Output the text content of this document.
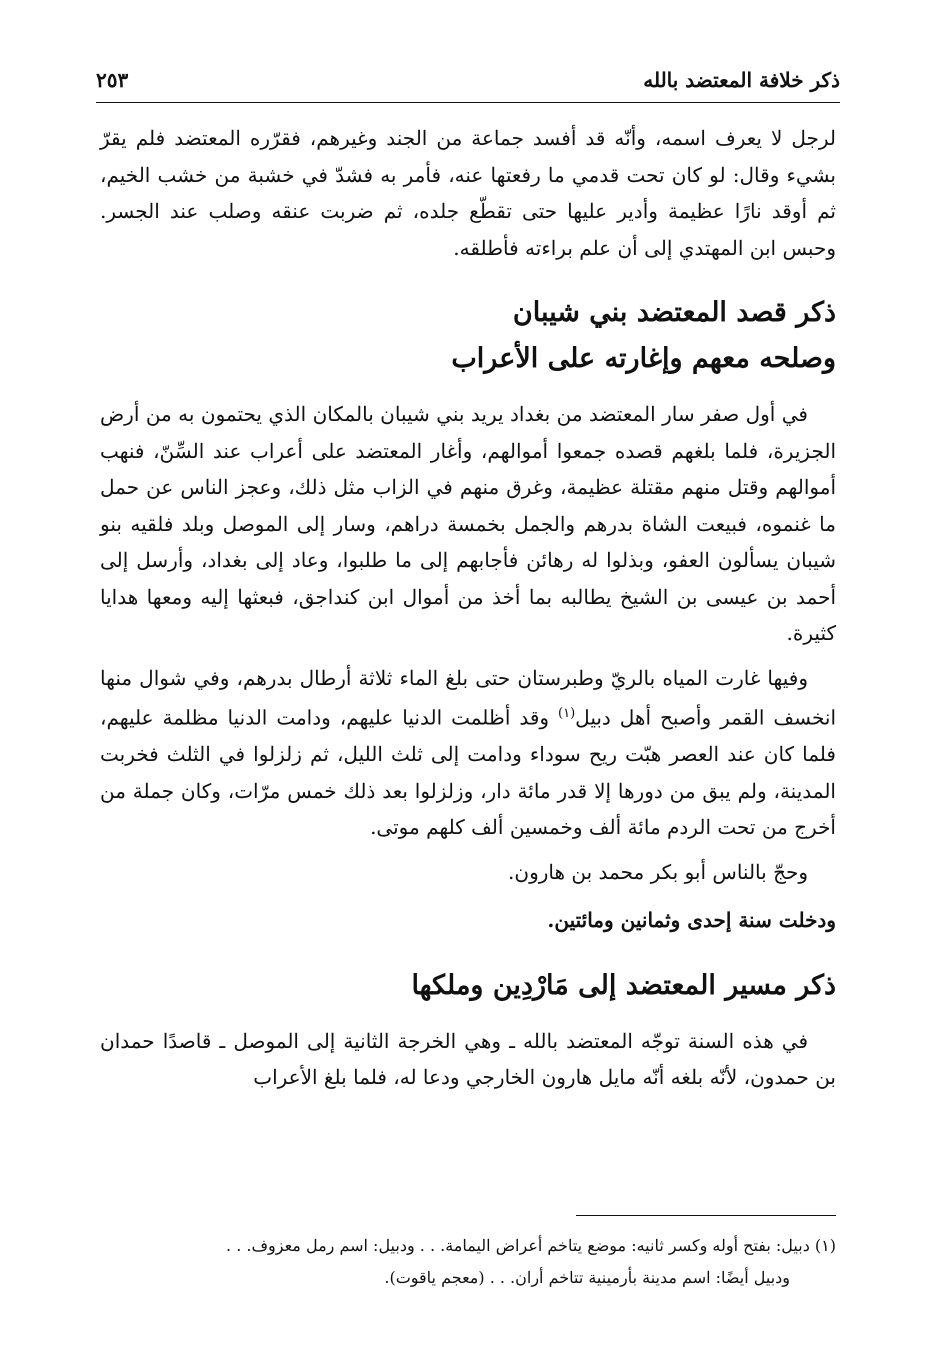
ذكر خلافة المعتضد بالله
٢٥٣

لرجل لا يعرف اسمه، وأنّه قد أفسد جماعة من الجند وغيرهم، فقرّره المعتضد فلم يقرّ بشيء وقال: لو كان تحت قدمي ما رفعتها عنه، فأمر به فشدّ في خشبة من خشب الخيم، ثم أوقد نارًا عظيمة وأدير عليها حتى تقطّع جلده، ثم ضربت عنقه وصلب عند الجسر. وحبس ابن المهتدي إلى أن علم براءته فأطلقه.

ذكر قصد المعتضد بني شيبان
وصلحه معهم وإغارته على الأعراب

في أول صفر سار المعتضد من بغداد يريد بني شيبان بالمكان الذي يحتمون به من أرض الجزيرة، فلما بلغهم قصده جمعوا أموالهم، وأغار المعتضد على أعراب عند السِّنّ، فنهب أموالهم وقتل منهم مقتلة عظيمة، وغرق منهم في الزاب مثل ذلك، وعجز الناس عن حمل ما غنموه، فبيعت الشاة بدرهم والجمل بخمسة دراهم، وسار إلى الموصل وبلد فلقيه بنو شيبان يسألون العفو، وبذلوا له رهائن فأجابهم إلى ما طلبوا، وعاد إلى بغداد، وأرسل إلى أحمد بن عيسى بن الشيخ يطالبه بما أخذ من أموال ابن كنداجق، فبعثها إليه ومعها هدايا كثيرة.

وفيها غارت المياه بالريّ وطبرستان حتى بلغ الماء ثلاثة أرطال بدرهم، وفي شوال منها انخسف القمر وأصبح أهل دبيل$^{(١)}$ وقد أظلمت الدنيا عليهم، ودامت الدنيا مظلمة عليهم، فلما كان عند العصر هبّت ريح سوداء ودامت إلى ثلث الليل، ثم زلزلوا في الثلث فخربت المدينة، ولم يبق من دورها إلا قدر مائة دار، وزلزلوا بعد ذلك خمس مرّات، وكان جملة من أخرج من تحت الردم مائة ألف وخمسين ألف كلهم موتى.

وحجّ بالناس أبو بكر محمد بن هارون.

ودخلت سنة إحدى وثمانين ومائتين.

ذكر مسير المعتضد إلى مَارْدِين وملكها

في هذه السنة توجّه المعتضد بالله ـ وهي الخرجة الثانية إلى الموصل ـ قاصدًا حمدان بن حمدون، لأنّه بلغه أنّه مايل هارون الخارجي ودعا له، فلما بلغ الأعراب

(١) دبيل: بفتح أوله وكسر ثانيه: موضع يتاخم أعراض اليمامة. . . ودبيل: اسم رمل معزوف. . .
ودبيل أيضًا: اسم مدينة بأرمينية تتاخم أران. . . (معجم ياقوت).
